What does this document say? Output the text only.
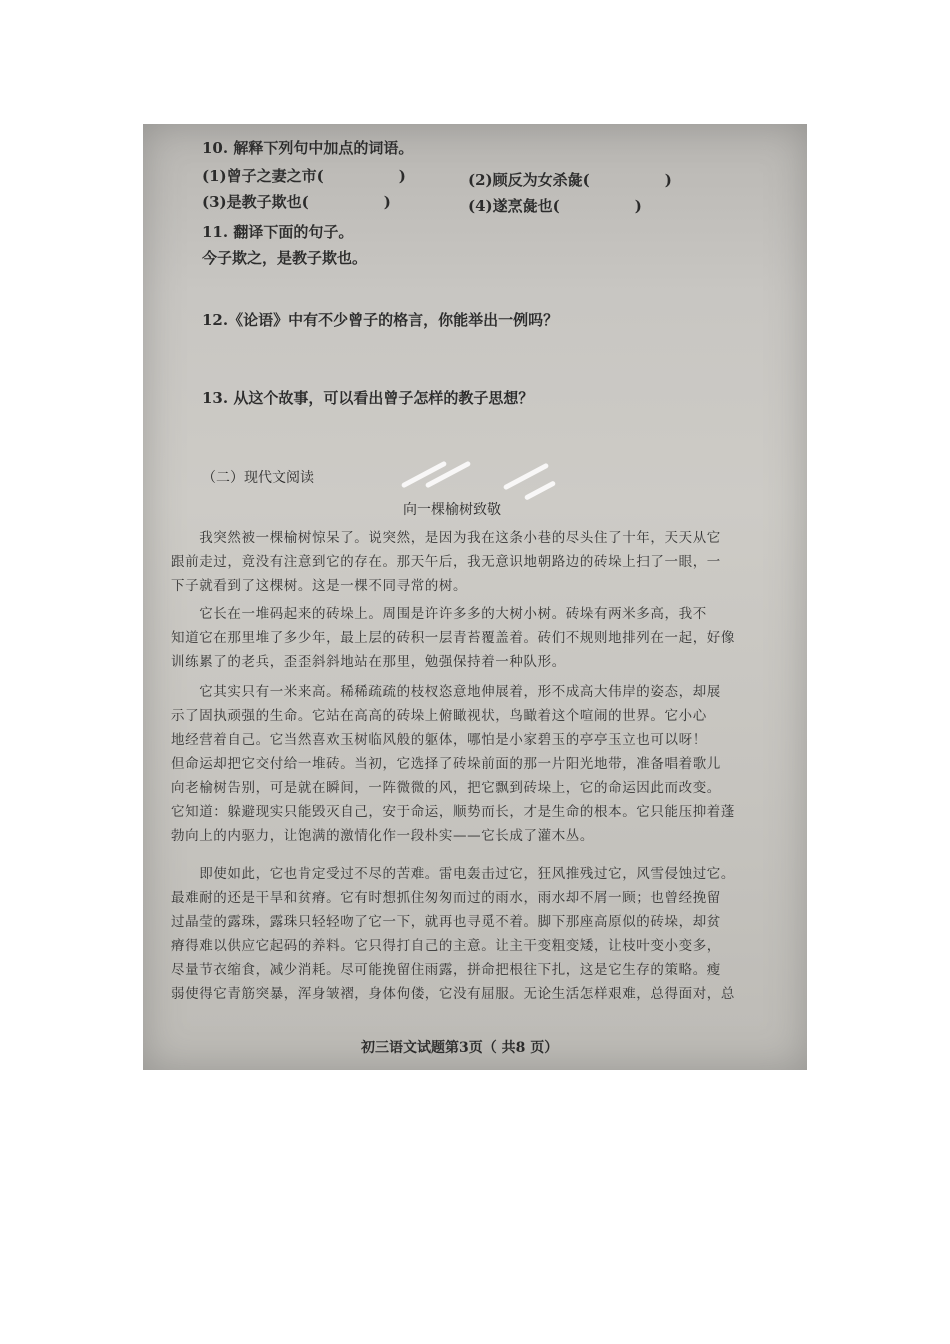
10. 解释下列句中加点的词语。
(1)曾子之妻之市(　　　　　)	(2)顾反为女杀彘(　　　　　)
(3)是教子欺也(　　　　　)	(4)遂烹彘也(　　　　　)
11. 翻译下面的句子。
今子欺之，是教子欺也。
12.《论语》中有不少曾子的格言，你能举出一例吗？
13. 从这个故事，可以看出曾子怎样的教子思想？
（二）现代文阅读
向一棵榆树致敬
　　我突然被一棵榆树惊呆了。说突然，是因为我在这条小巷的尽头住了十年，天天从它
跟前走过，竟没有注意到它的存在。那天午后，我无意识地朝路边的砖垛上扫了一眼，一
下子就看到了这棵树。这是一棵不同寻常的树。
　　它长在一堆码起来的砖垛上。周围是许许多多的大树小树。砖垛有两米多高，我不
知道它在那里堆了多少年，最上层的砖积一层青苔覆盖着。砖们不规则地排列在一起，好像
训练累了的老兵，歪歪斜斜地站在那里，勉强保持着一种队形。
　　它其实只有一米来高。稀稀疏疏的枝杈恣意地伸展着，形不成高大伟岸的姿态，却展
示了固执顽强的生命。它站在高高的砖垛上俯瞰视状，鸟瞰着这个喧闹的世界。它小心
地经营着自己。它当然喜欢玉树临风般的躯体，哪怕是小家碧玉的亭亭玉立也可以呀！
但命运却把它交付给一堆砖。当初，它选择了砖垛前面的那一片阳光地带，准备唱着歌儿
向老榆树告别，可是就在瞬间，一阵微微的风，把它飘到砖垛上，它的命运因此而改变。
它知道：躲避现实只能毁灭自己，安于命运，顺势而长，才是生命的根本。它只能压抑着蓬
勃向上的内驱力，让饱满的激情化作一段朴实——它长成了灌木丛。
　　即使如此，它也肯定受过不尽的苦难。雷电轰击过它，狂风推残过它，风雪侵蚀过它。
最难耐的还是干旱和贫瘠。它有时想抓住匆匆而过的雨水，雨水却不屑一顾；也曾经挽留
过晶莹的露珠，露珠只轻轻吻了它一下，就再也寻觅不着。脚下那座高原似的砖垛，却贫
瘠得难以供应它起码的养料。它只得打自己的主意。让主干变粗变矮，让枝叶变小变多，
尽量节衣缩食，减少消耗。尽可能挽留住雨露，拼命把根往下扎，这是它生存的策略。瘦
弱使得它青筋突暴，浑身皱褶，身体佝偻，它没有屈服。无论生活怎样艰难，总得面对，总
初三语文试题第3页（ 共8 页）
